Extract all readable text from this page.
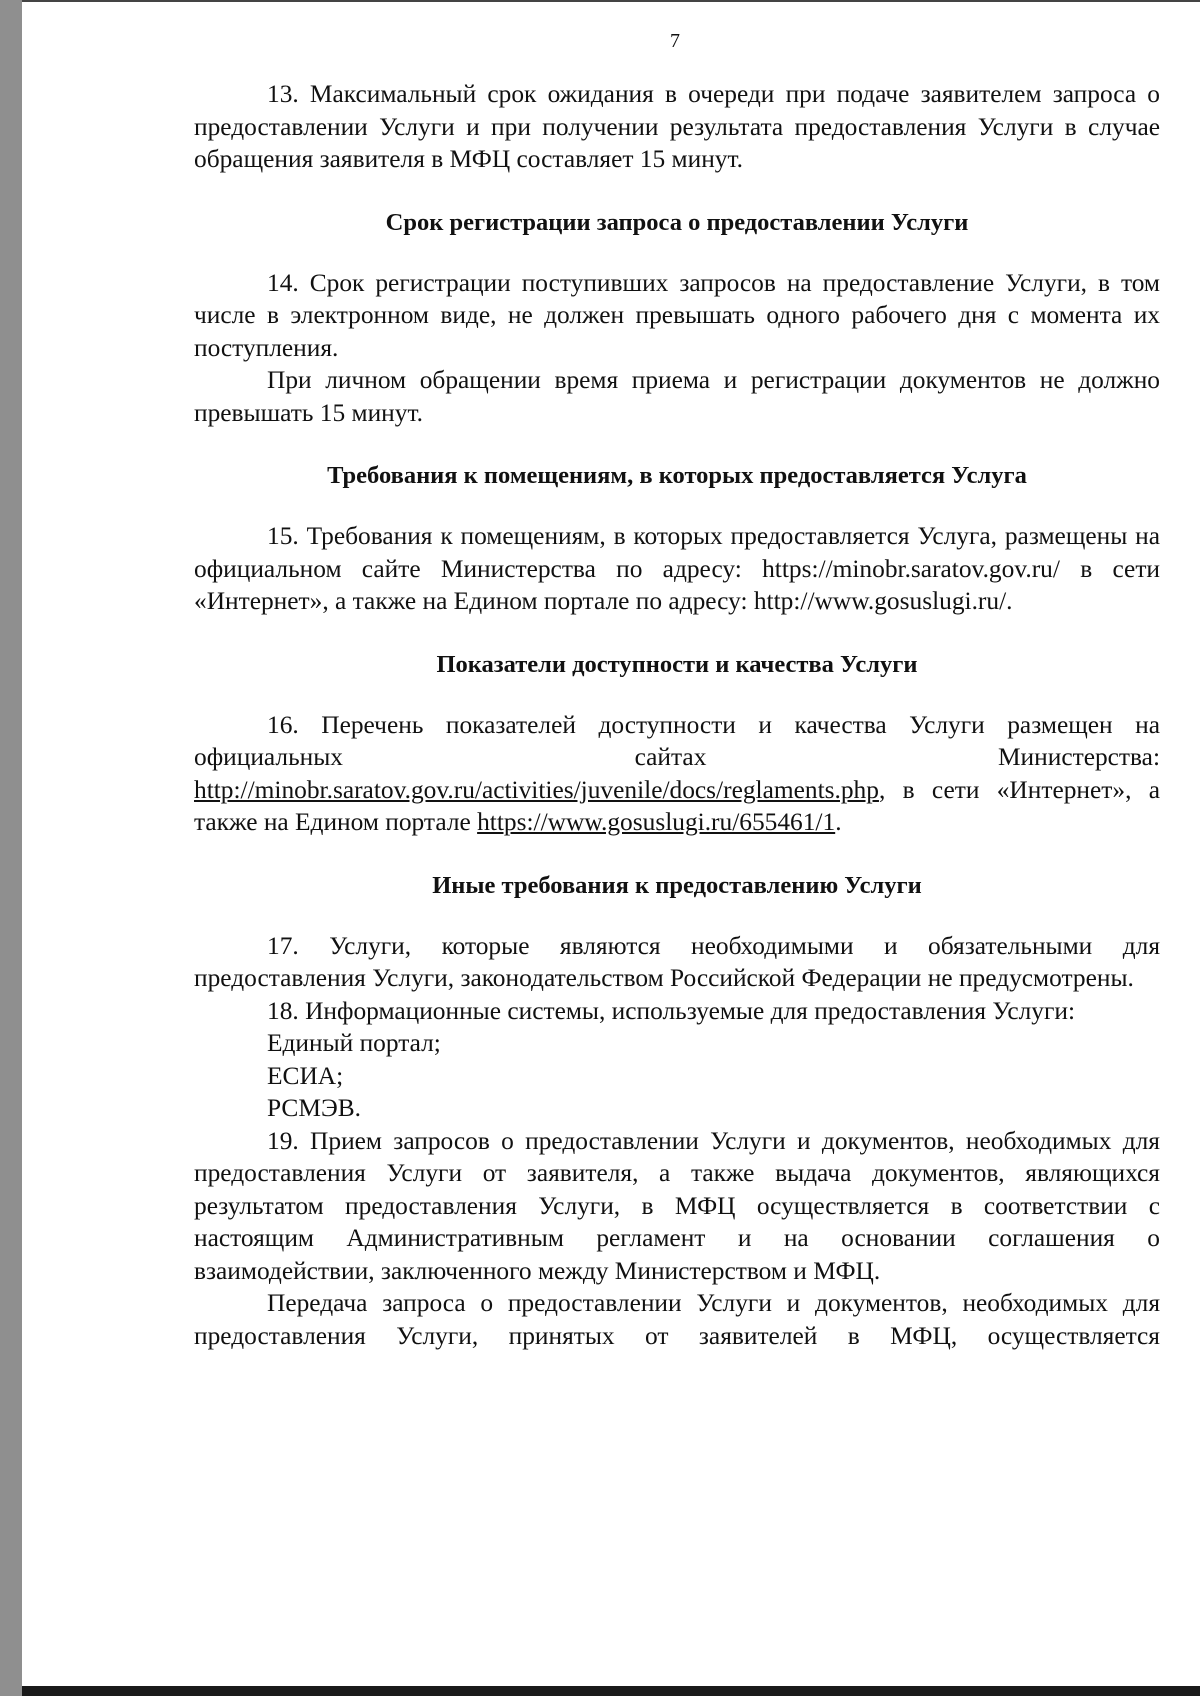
7

13. Максимальный срок ожидания в очереди при подаче заявителем запроса о предоставлении Услуги и при получении результата предоставления Услуги в случае обращения заявителя в МФЦ составляет 15 минут.

Срок регистрации запроса о предоставлении Услуги

14. Срок регистрации поступивших запросов на предоставление Услуги, в том числе в электронном виде, не должен превышать одного рабочего дня с момента их поступления.

При личном обращении время приема и регистрации документов не должно превышать 15 минут.

Требования к помещениям, в которых предоставляется Услуга

15. Требования к помещениям, в которых предоставляется Услуга, размещены на официальном сайте Министерства по адресу: https://minobr.saratov.gov.ru/ в сети «Интернет», а также на Едином портале по адресу: http://www.gosuslugi.ru/.

Показатели доступности и качества Услуги

16. Перечень показателей доступности и качества Услуги размещен на официальных сайтах Министерства: http://minobr.saratov.gov.ru/activities/juvenile/docs/reglaments.php, в сети «Интернет», а также на Едином портале https://www.gosuslugi.ru/655461/1.

Иные требования к предоставлению Услуги

17. Услуги, которые являются необходимыми и обязательными для предоставления Услуги, законодательством Российской Федерации не предусмотрены.

18. Информационные системы, используемые для предоставления Услуги:

Единый портал;

ЕСИА;

РСМЭВ.

19. Прием запросов о предоставлении Услуги и документов, необходимых для предоставления Услуги от заявителя, а также выдача документов, являющихся результатом предоставления Услуги, в МФЦ осуществляется в соответствии с настоящим Административным регламент и на основании соглашения о взаимодействии, заключенного между Министерством и МФЦ.

Передача запроса о предоставлении Услуги и документов, необходимых для предоставления Услуги, принятых от заявителей в МФЦ, осуществляется
